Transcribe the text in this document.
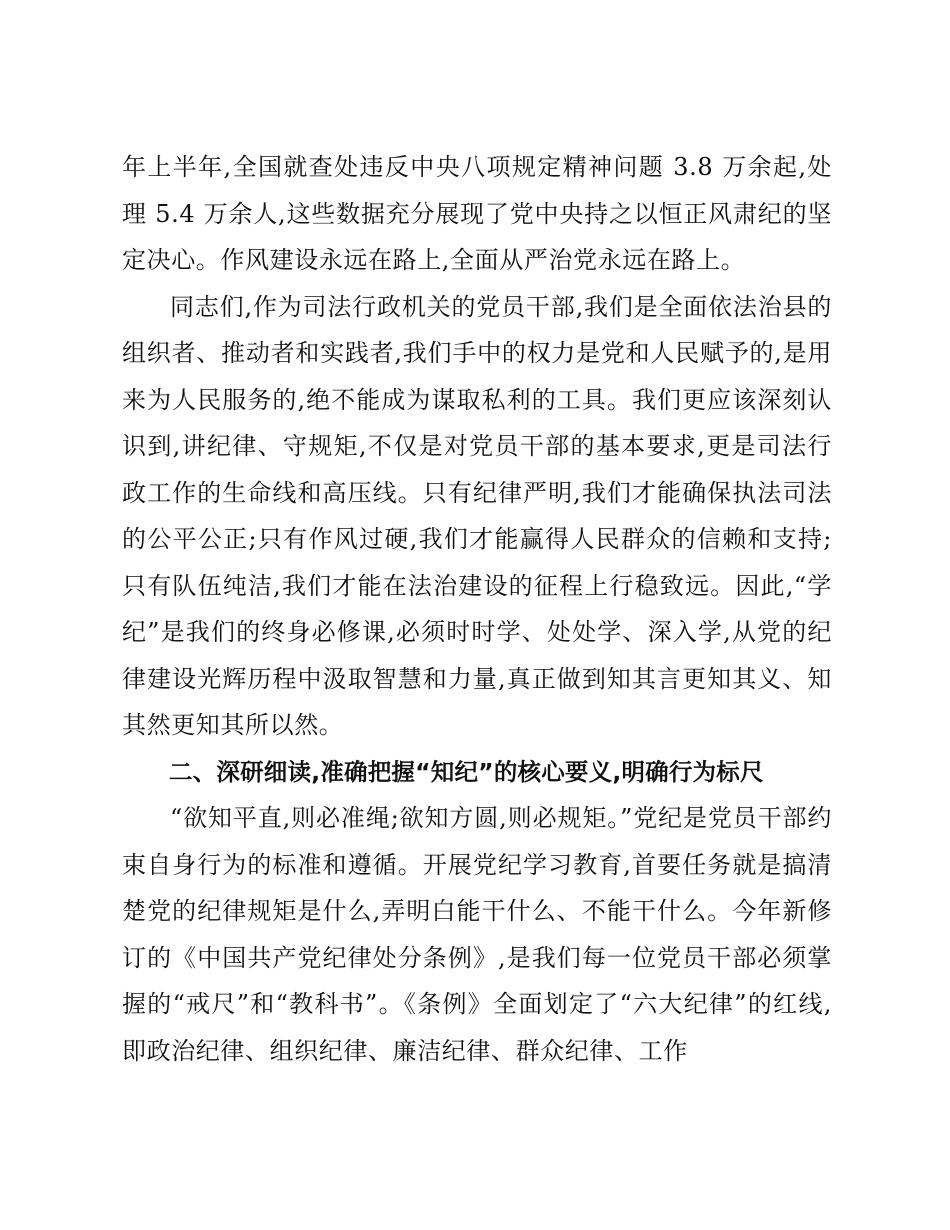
年上半年,全国就查处违反中央八项规定精神问题 3.8 万余起,处理 5.4 万余人,这些数据充分展现了党中央持之以恒正风肃纪的坚定决心。作风建设永远在路上,全面从严治党永远在路上。

同志们,作为司法行政机关的党员干部,我们是全面依法治县的组织者、推动者和实践者,我们手中的权力是党和人民赋予的,是用来为人民服务的,绝不能成为谋取私利的工具。我们更应该深刻认识到,讲纪律、守规矩,不仅是对党员干部的基本要求,更是司法行政工作的生命线和高压线。只有纪律严明,我们才能确保执法司法的公平公正;只有作风过硬,我们才能赢得人民群众的信赖和支持;只有队伍纯洁,我们才能在法治建设的征程上行稳致远。因此,“学纪”是我们的终身必修课,必须时时学、处处学、深入学,从党的纪律建设光辉历程中汲取智慧和力量,真正做到知其言更知其义、知其然更知其所以然。

二、深研细读,准确把握“知纪”的核心要义,明确行为标尺

“欲知平直,则必准绳;欲知方圆,则必规矩。”党纪是党员干部约束自身行为的标准和遵循。开展党纪学习教育,首要任务就是搞清楚党的纪律规矩是什么,弄明白能干什么、不能干什么。今年新修订的《中国共产党纪律处分条例》,是我们每一位党员干部必须掌握的“戒尺”和“教科书”。《条例》全面划定了“六大纪律”的红线,即政治纪律、组织纪律、廉洁纪律、群众纪律、工作
